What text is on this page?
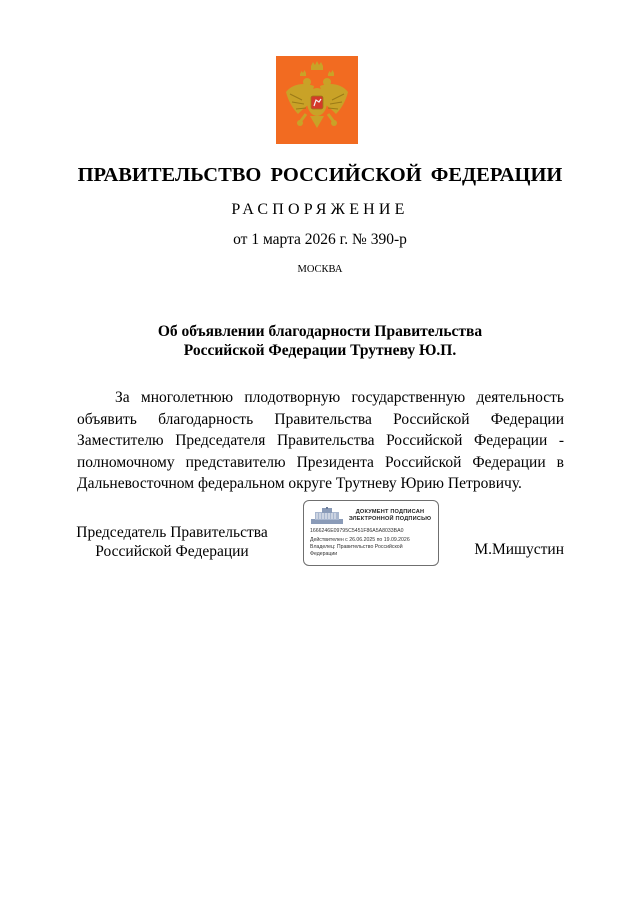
ПРАВИТЕЛЬСТВО РОССИЙСКОЙ ФЕДЕРАЦИИ
РАСПОРЯЖЕНИЕ
от 1 марта 2026 г. № 390-р
МОСКВА
Об объявлении благодарности Правительства
Российской Федерации Трутневу Ю.П.

За многолетнюю плодотворную государственную деятельность объявить благодарность Правительства Российской Федерации Заместителю Председателя Правительства Российской Федерации - полномочному представителю Президента Российской Федерации в Дальневосточном федеральном округе Трутневу Юрию Петровичу.

Председатель Правительства
Российской Федерации
ДОКУМЕНТ ПОДПИСАН
ЭЛЕКТРОННОЙ ПОДПИСЬЮ
1666246E09795C5451F86A5A8033BA0
Действителен с 26.06.2025 по 19.09.2026
Владелец: Правительство Российской
Федерации	М.Мишустин
